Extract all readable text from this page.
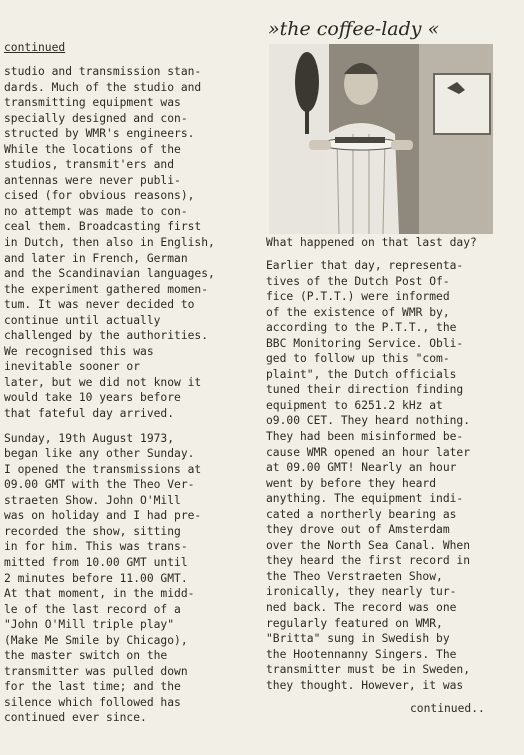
continued
studio and transmission stan-
dards. Much of the studio and
transmitting equipment was
specially designed and con-
structed by WMR's engineers.
While the locations of the
studios, transmit'ers and
antennas were never publi-
cised (for obvious reasons),
no attempt was made to con-
ceal them. Broadcasting first
in Dutch, then also in English,
and later in French, German
and the Scandinavian languages,
the experiment gathered momen-
tum. It was never decided to
continue until actually
challenged by the authorities.
We recognised this was
inevitable sooner or
later, but we did not know it
would take 10 years before
that fateful day arrived.
Sunday, 19th August 1973,
began like any other Sunday.
I opened the transmissions at
09.00 GMT with the Theo Ver-
straeten Show. John O'Mill
was on holiday and I had pre-
recorded the show, sitting
in for him. This was trans-
mitted from 10.00 GMT until
2 minutes before 11.00 GMT.
At that moment, in the midd-
le of the last record of a
"John O'Mill triple play"
(Make Me Smile by Chicago),
the master switch on the
transmitter was pulled down
for the last time; and the
silence which followed has
continued ever since.
»the coffee-lady «
What happened on that last day?
Earlier that day, representa-
tives of the Dutch Post Of-
fice (P.T.T.) were informed
of the existence of WMR by,
according to the P.T.T., the
BBC Monitoring Service. Obli-
ged to follow up this "com-
plaint", the Dutch officials
tuned their direction finding
equipment to 6251.2 kHz at
o9.00 CET. They heard nothing.
They had been misinformed be-
cause WMR opened an hour later
at 09.00 GMT! Nearly an hour
went by before they heard
anything. The equipment indi-
cated a northerly bearing as
they drove out of Amsterdam
over the North Sea Canal. When
they heard the first record in
the Theo Verstraeten Show,
ironically, they nearly tur-
ned back. The record was one
regularly featured on WMR,
"Britta" sung in Swedish by
the Hootennanny Singers. The
transmitter must be in Sweden,
they thought. However, it was
continued..
